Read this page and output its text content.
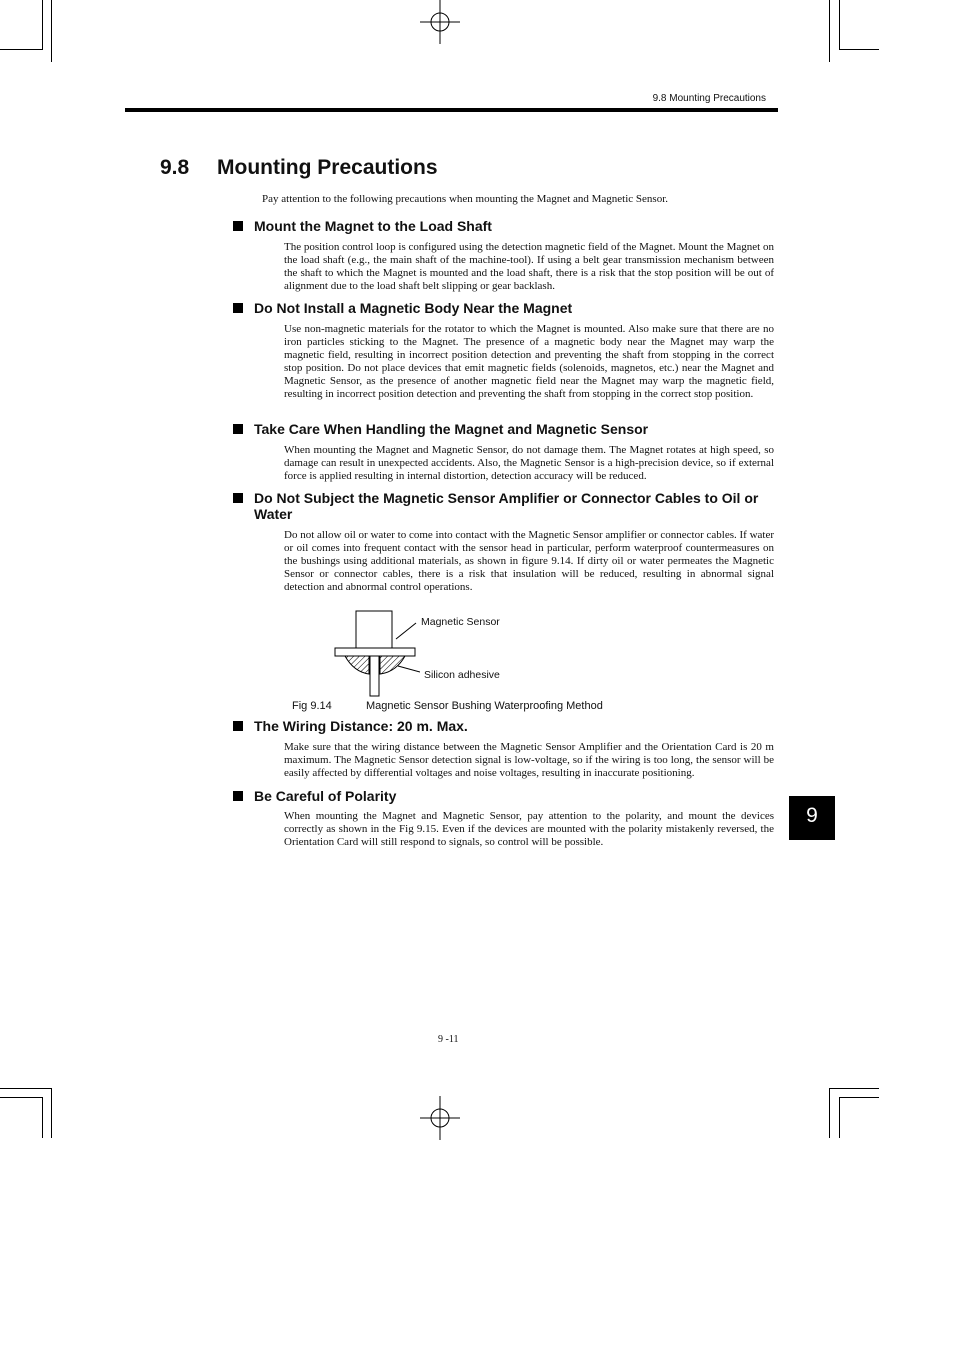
9.8 Mounting Precautions
9.8 Mounting Precautions

Pay attention to the following precautions when mounting the Magnet and Magnetic Sensor.

Mount the Magnet to the Load Shaft

The position control loop is configured using the detection magnetic field of the Magnet. Mount the Magnet on the load shaft (e.g., the main shaft of the machine-tool). If using a belt gear transmission mechanism between the shaft to which the Magnet is mounted and the load shaft, there is a risk that the stop position will be out of alignment due to the load shaft belt slipping or gear backlash.

Do Not Install a Magnetic Body Near the Magnet

Use non-magnetic materials for the rotator to which the Magnet is mounted. Also make sure that there are no iron particles sticking to the Magnet. The presence of a magnetic body near the Magnet may warp the magnetic field, resulting in incorrect position detection and preventing the shaft from stopping in the correct stop position. Do not place devices that emit magnetic fields (solenoids, magnetos, etc.) near the Magnet and Magnetic Sensor, as the presence of another magnetic field near the Magnet may warp the magnetic field, resulting in incorrect position detection and preventing the shaft from stopping in the correct stop position.

Take Care When Handling the Magnet and Magnetic Sensor

When mounting the Magnet and Magnetic Sensor, do not damage them. The Magnet rotates at high speed, so damage can result in unexpected accidents. Also, the Magnetic Sensor is a high-precision device, so if external force is applied resulting in internal distortion, detection accuracy will be reduced.

Do Not Subject the Magnetic Sensor Amplifier or Connector Cables to Oil or Water

Do not allow oil or water to come into contact with the Magnetic Sensor amplifier or connector cables. If water or oil comes into frequent contact with the sensor head in particular, perform waterproof countermeasures on the bushings using additional materials, as shown in figure 9.14. If dirty oil or water permeates the Magnetic Sensor or connector cables, there is a risk that insulation will be reduced, resulting in abnormal signal detection and abnormal control operations.

Magnetic Sensor
Silicon adhesive
Fig 9.14	Magnetic Sensor Bushing Waterproofing Method
The Wiring Distance: 20 m. Max.

Make sure that the wiring distance between the Magnetic Sensor Amplifier and the Orientation Card is 20 m maximum. The Magnetic Sensor detection signal is low-voltage, so if the wiring is too long, the sensor will be easily affected by differential voltages and noise voltages, resulting in inaccurate positioning.

Be Careful of Polarity

When mounting the Magnet and Magnetic Sensor, pay attention to the polarity, and mount the devices correctly as shown in the Fig 9.15. Even if the devices are mounted with the polarity mistakenly reversed, the Orientation Card will still respond to signals, so control will be possible.

9
9 -11
